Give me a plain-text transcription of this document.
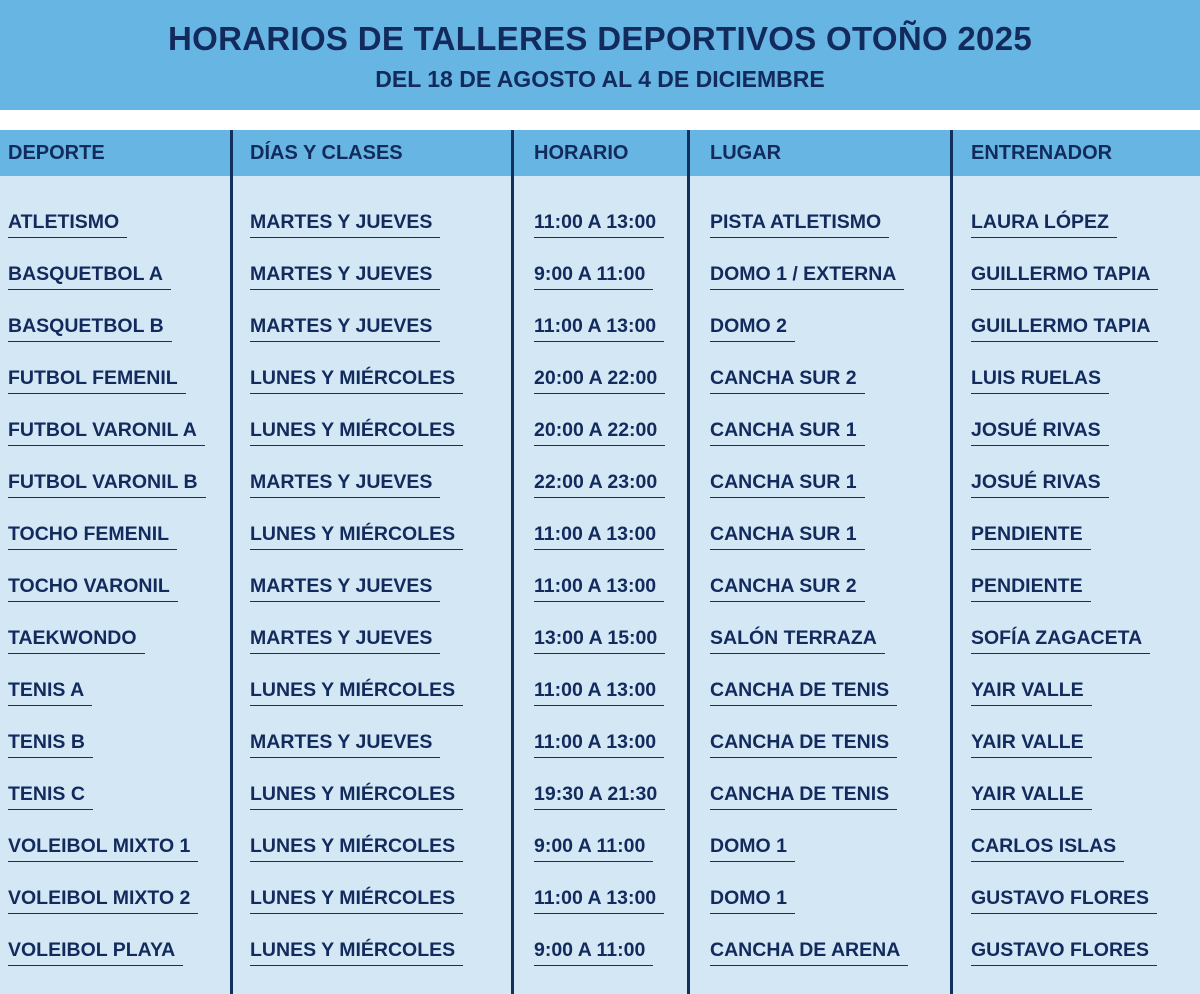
HORARIOS DE TALLERES DEPORTIVOS OTOÑO 2025
DEL 18 DE AGOSTO AL 4 DE DICIEMBRE
DEPORTE	DÍAS Y CLASES	HORARIO	LUGAR	ENTRENADOR
ATLETISMO	MARTES Y JUEVES	11:00 A 13:00	PISTA ATLETISMO	LAURA LÓPEZ
BASQUETBOL A	MARTES Y JUEVES	9:00 A 11:00	DOMO 1 / EXTERNA	GUILLERMO TAPIA
BASQUETBOL B	MARTES Y JUEVES	11:00 A 13:00	DOMO 2	GUILLERMO TAPIA
FUTBOL FEMENIL	LUNES Y MIÉRCOLES	20:00 A 22:00	CANCHA SUR 2	LUIS RUELAS
FUTBOL VARONIL A	LUNES Y MIÉRCOLES	20:00 A 22:00	CANCHA SUR 1	JOSUÉ RIVAS
FUTBOL VARONIL B	MARTES Y JUEVES	22:00 A 23:00	CANCHA SUR 1	JOSUÉ RIVAS
TOCHO FEMENIL	LUNES Y MIÉRCOLES	11:00 A 13:00	CANCHA SUR 1	PENDIENTE
TOCHO VARONIL	MARTES Y JUEVES	11:00 A 13:00	CANCHA SUR 2	PENDIENTE
TAEKWONDO	MARTES Y JUEVES	13:00 A 15:00	SALÓN TERRAZA	SOFÍA ZAGACETA
TENIS A	LUNES Y MIÉRCOLES	11:00 A 13:00	CANCHA DE TENIS	YAIR VALLE
TENIS B	MARTES Y JUEVES	11:00 A 13:00	CANCHA DE TENIS	YAIR VALLE
TENIS C	LUNES Y MIÉRCOLES	19:30 A 21:30	CANCHA DE TENIS	YAIR VALLE
VOLEIBOL MIXTO 1	LUNES Y MIÉRCOLES	9:00 A 11:00	DOMO 1	CARLOS ISLAS
VOLEIBOL MIXTO 2	LUNES Y MIÉRCOLES	11:00 A 13:00	DOMO 1	GUSTAVO FLORES
VOLEIBOL PLAYA	LUNES Y MIÉRCOLES	9:00 A 11:00	CANCHA DE ARENA	GUSTAVO FLORES
